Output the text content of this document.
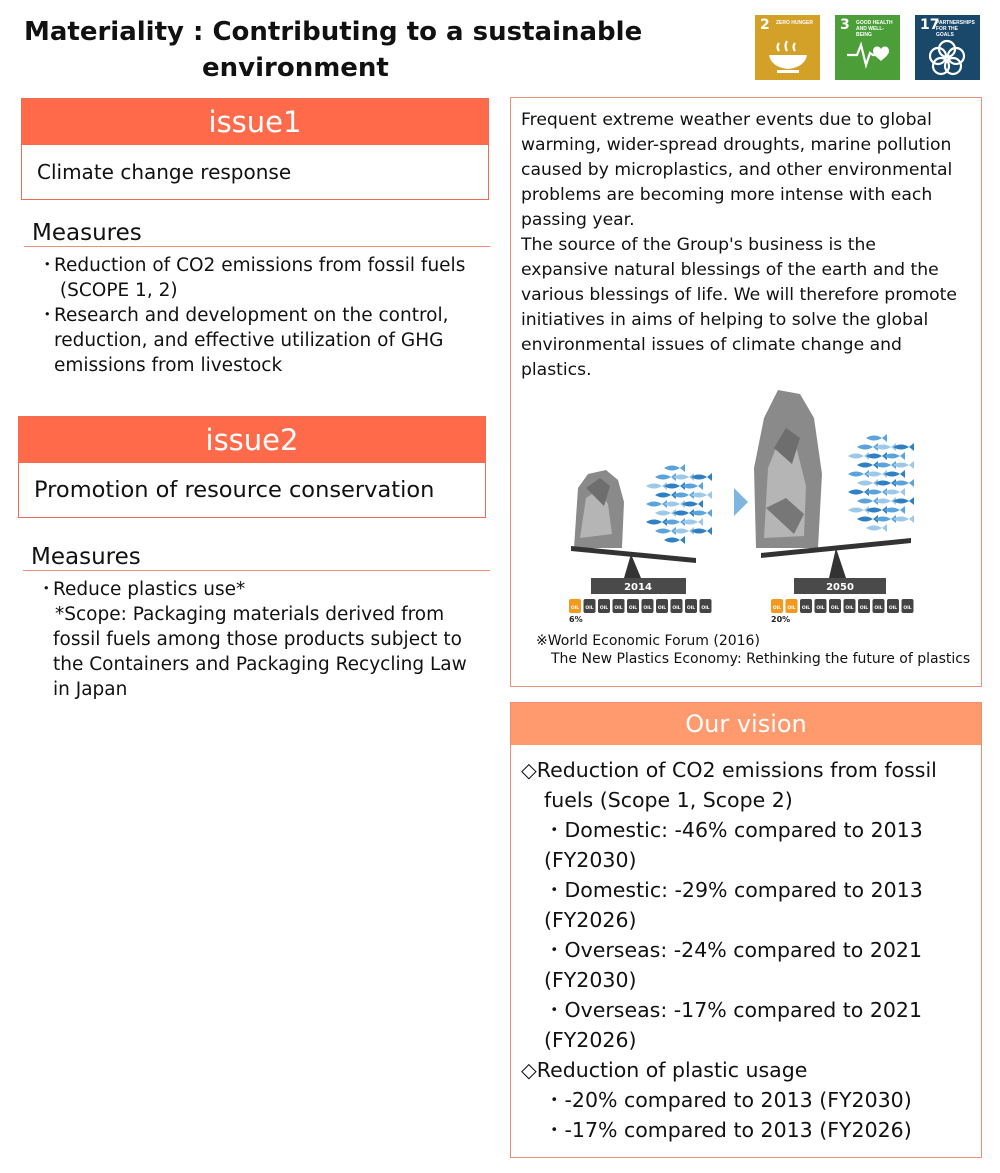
Materiality : Contributing to a sustainable
environment
2 ZERO HUNGER 3 GOOD HEALTH AND WELL-BEING
17
PARTNERSHIPS FOR THE GOALS
issue1
Climate change response
Measures
・
Reduction of CO2 emissions from fossil fuels
(SCOPE 1, 2)
・
Research and development on the control,
reduction, and effective utilization of GHG
emissions from livestock
issue2
Promotion of resource conservation
Measures
・
Reduce plastics use*
*Scope: Packaging materials derived from
fossil fuels among those products subject to
the Containers and Packaging Recycling Law
in Japan
Frequent extreme weather events due to global
warming, wider-spread droughts, marine pollution
caused by microplastics, and other environmental
problems are becoming more intense with each
passing year.
The source of the Group's business is the
expansive natural blessings of the earth and the
various blessings of life. We will therefore promote
initiatives in aims of helping to solve the global
environmental issues of climate change and
plastics.
2014	2050
OIL OIL OIL OIL OIL OIL OIL OIL OIL OIL	OIL OIL OIL OIL OIL OIL OIL OIL OIL OIL
6%	20%
※World Economic Forum (2016)
The New Plastics Economy: Rethinking the future of plastics
Our vision
◇Reduction of CO2 emissions from fossil
fuels (Scope 1, Scope 2)
・Domestic: -46% compared to 2013
(FY2030)
・Domestic: -29% compared to 2013
(FY2026)
・Overseas: -24% compared to 2021
(FY2030)
・Overseas: -17% compared to 2021
(FY2026)
◇Reduction of plastic usage
・-20% compared to 2013 (FY2030)
・-17% compared to 2013 (FY2026)
